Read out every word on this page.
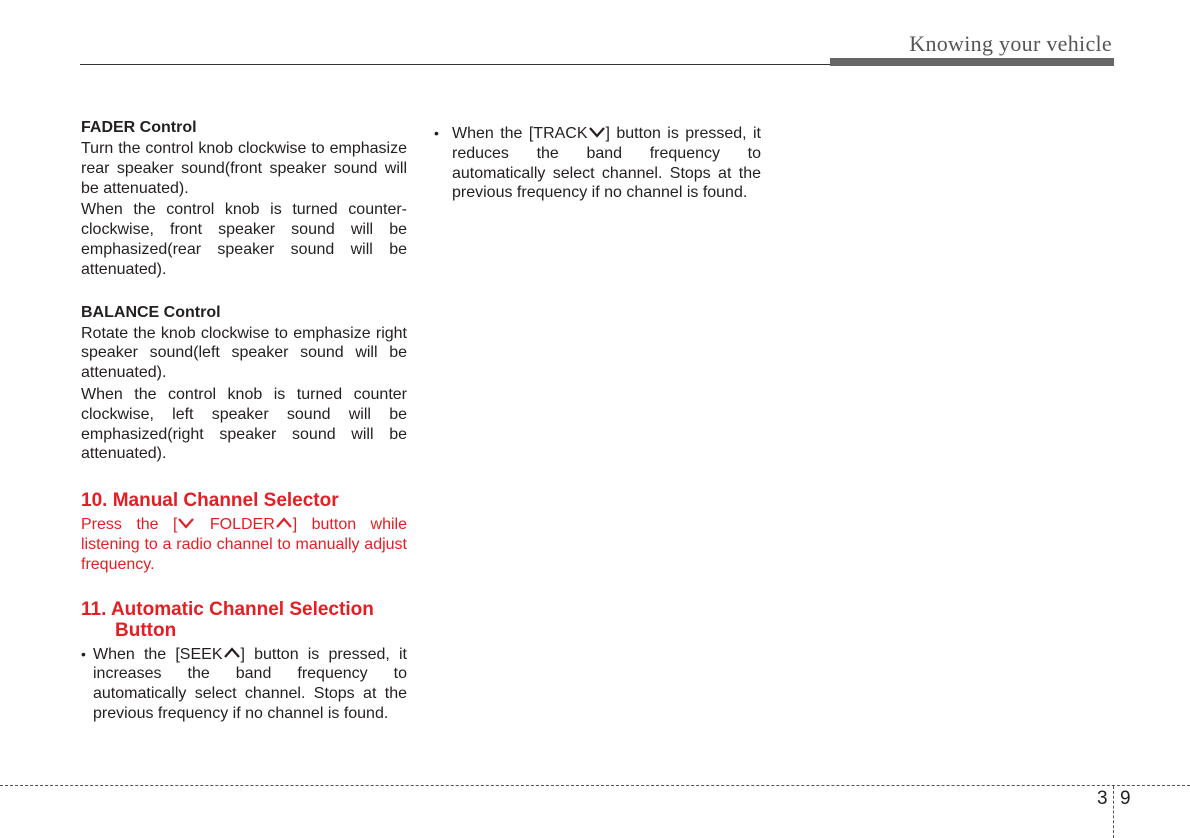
Knowing your vehicle
FADER Control

Turn the control knob clockwise to emphasize rear speaker sound(front speaker sound will be attenuated).

When the control knob is turned counter-clockwise, front speaker sound will be emphasized(rear speaker sound will be attenuated).

BALANCE Control

Rotate the knob clockwise to emphasize right speaker sound(left speaker sound will be attenuated).

When the control knob is turned counter clockwise, left speaker sound will be emphasized(right speaker sound will be attenuated).

10. Manual Channel Selector

Press the [ FOLDER ] button while listening to a radio channel to manually adjust frequency.

11. Automatic Channel Selection
Button

• When the [SEEK ] button is pressed, it increases the band frequency to automatically select channel. Stops at the previous frequency if no channel is found.

• When the [TRACK ] button is pressed, it reduces the band frequency to automatically select channel. Stops at the previous frequency if no channel is found.

3 9
